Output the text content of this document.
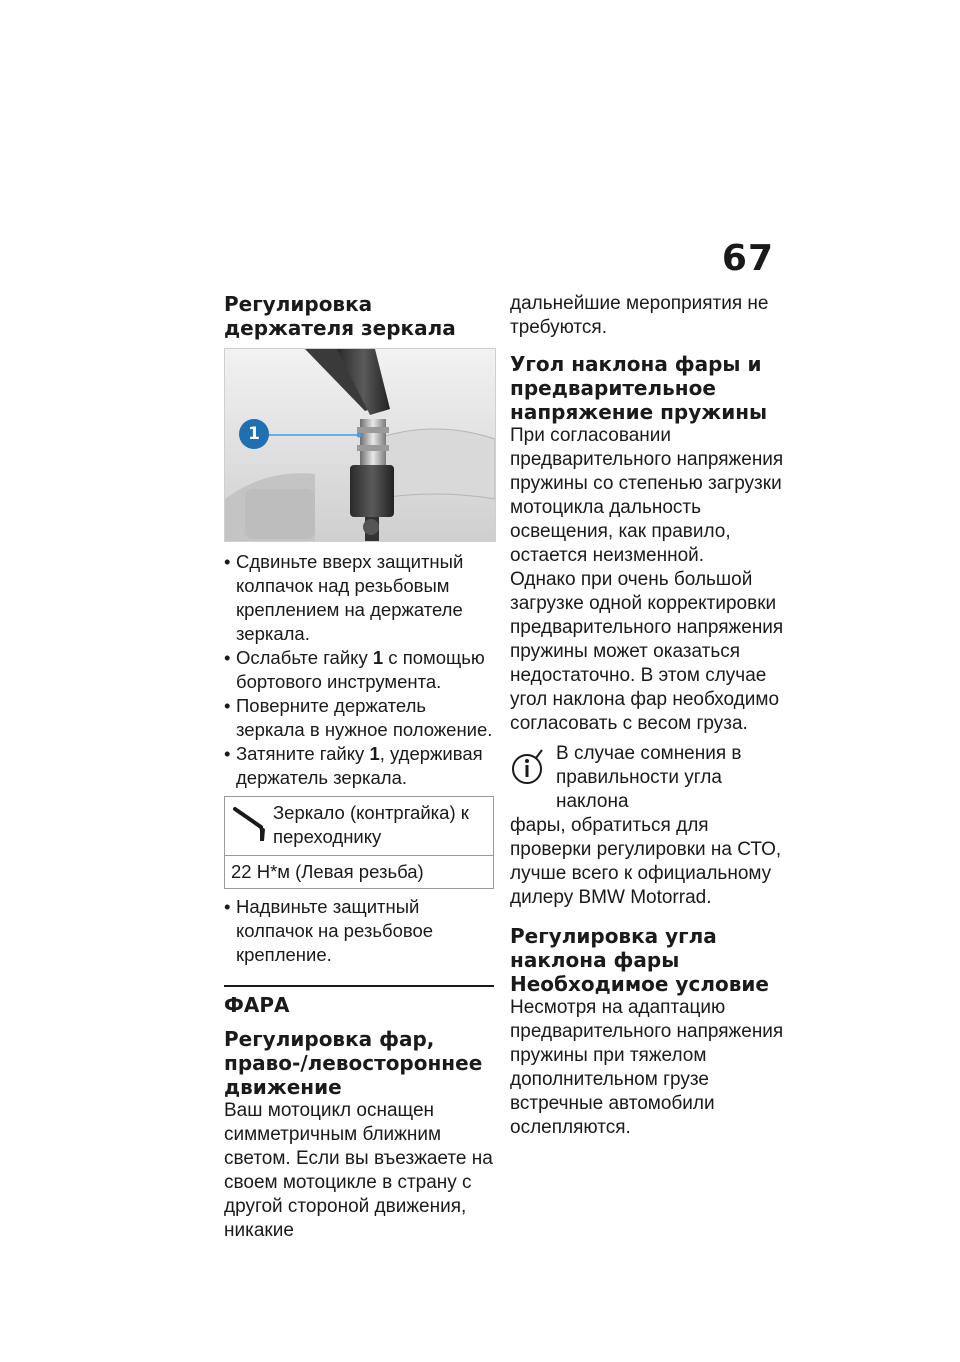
67

Регулировка держателя зеркала

1
• Сдвиньте вверх защитный колпачок над резьбовым креплением на держателе зеркала.
• Ослабьте гайку 1 с помощью бортового инструмента.
• Поверните держатель зеркала в нужное положение.
• Затяните гайку 1, удерживая держатель зеркала.
Зеркало (контргайка) к переходнику
22 Н*м (Левая резьба)
• Надвиньте защитный колпачок на резьбовое крепление.
ФАРА

Регулировка фар, право-/левостороннее движение

Ваш мотоцикл оснащен симметричным ближним светом. Если вы въезжаете на своем мотоцикле в страну с другой стороной движения, никакие

дальнейшие мероприятия не требуются.

Угол наклона фары и предварительное напряжение пружины

При согласовании предварительного напряжения пружины со степенью загрузки мотоцикла дальность освещения, как правило, остается неизменной.

Однако при очень большой загрузке одной корректировки предварительного напряжения пружины может оказаться недостаточно. В этом случае угол наклона фар необходимо согласовать с весом груза.

В случае сомнения в правильности угла наклона

фары, обратиться для проверки регулировки на СТО, лучше всего к официальному дилеру BMW Motorrad.

Регулировка угла наклона фары

Необходимое условие

Несмотря на адаптацию предварительного напряжения пружины при тяжелом дополнительном грузе встречные автомобили ослепляются.
